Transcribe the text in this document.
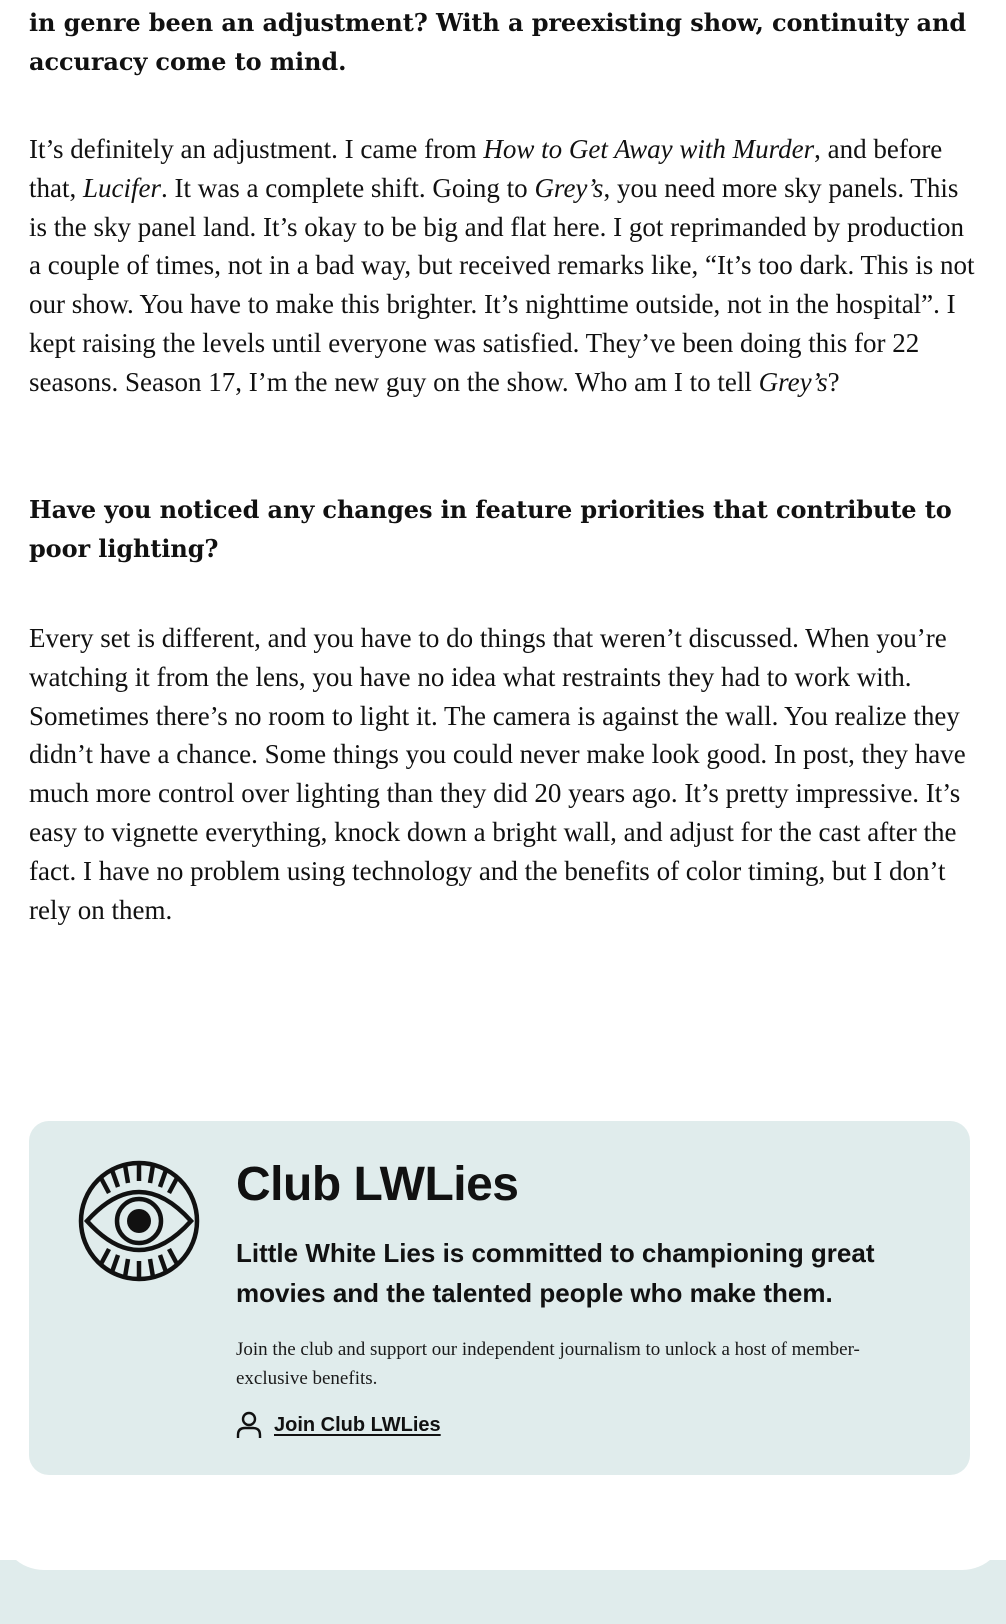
in genre been an adjustment? With a preexisting show, continuity and accuracy come to mind.

It’s definitely an adjustment. I came from How to Get Away with Murder, and before that, Lucifer. It was a complete shift. Going to Grey’s, you need more sky panels. This is the sky panel land. It’s okay to be big and flat here. I got reprimanded by production a couple of times, not in a bad way, but received remarks like, “It’s too dark. This is not our show. You have to make this brighter. It’s nighttime outside, not in the hospital”. I kept raising the levels until everyone was satisfied. They’ve been doing this for 22 seasons. Season 17, I’m the new guy on the show. Who am I to tell Grey’s?

Have you noticed any changes in feature priorities that contribute to poor lighting?

Every set is different, and you have to do things that weren’t discussed. When you’re watching it from the lens, you have no idea what restraints they had to work with. Sometimes there’s no room to light it. The camera is against the wall. You realize they didn’t have a chance. Some things you could never make look good. In post, they have much more control over lighting than they did 20 years ago. It’s pretty impressive. It’s easy to vignette everything, knock down a bright wall, and adjust for the cast after the fact. I have no problem using technology and the benefits of color timing, but I don’t rely on them.

Club LWLies

Little White Lies is committed to championing great movies and the talented people who make them.

Join the club and support our independent journalism to unlock a host of member-exclusive benefits.

Join Club LWLies
